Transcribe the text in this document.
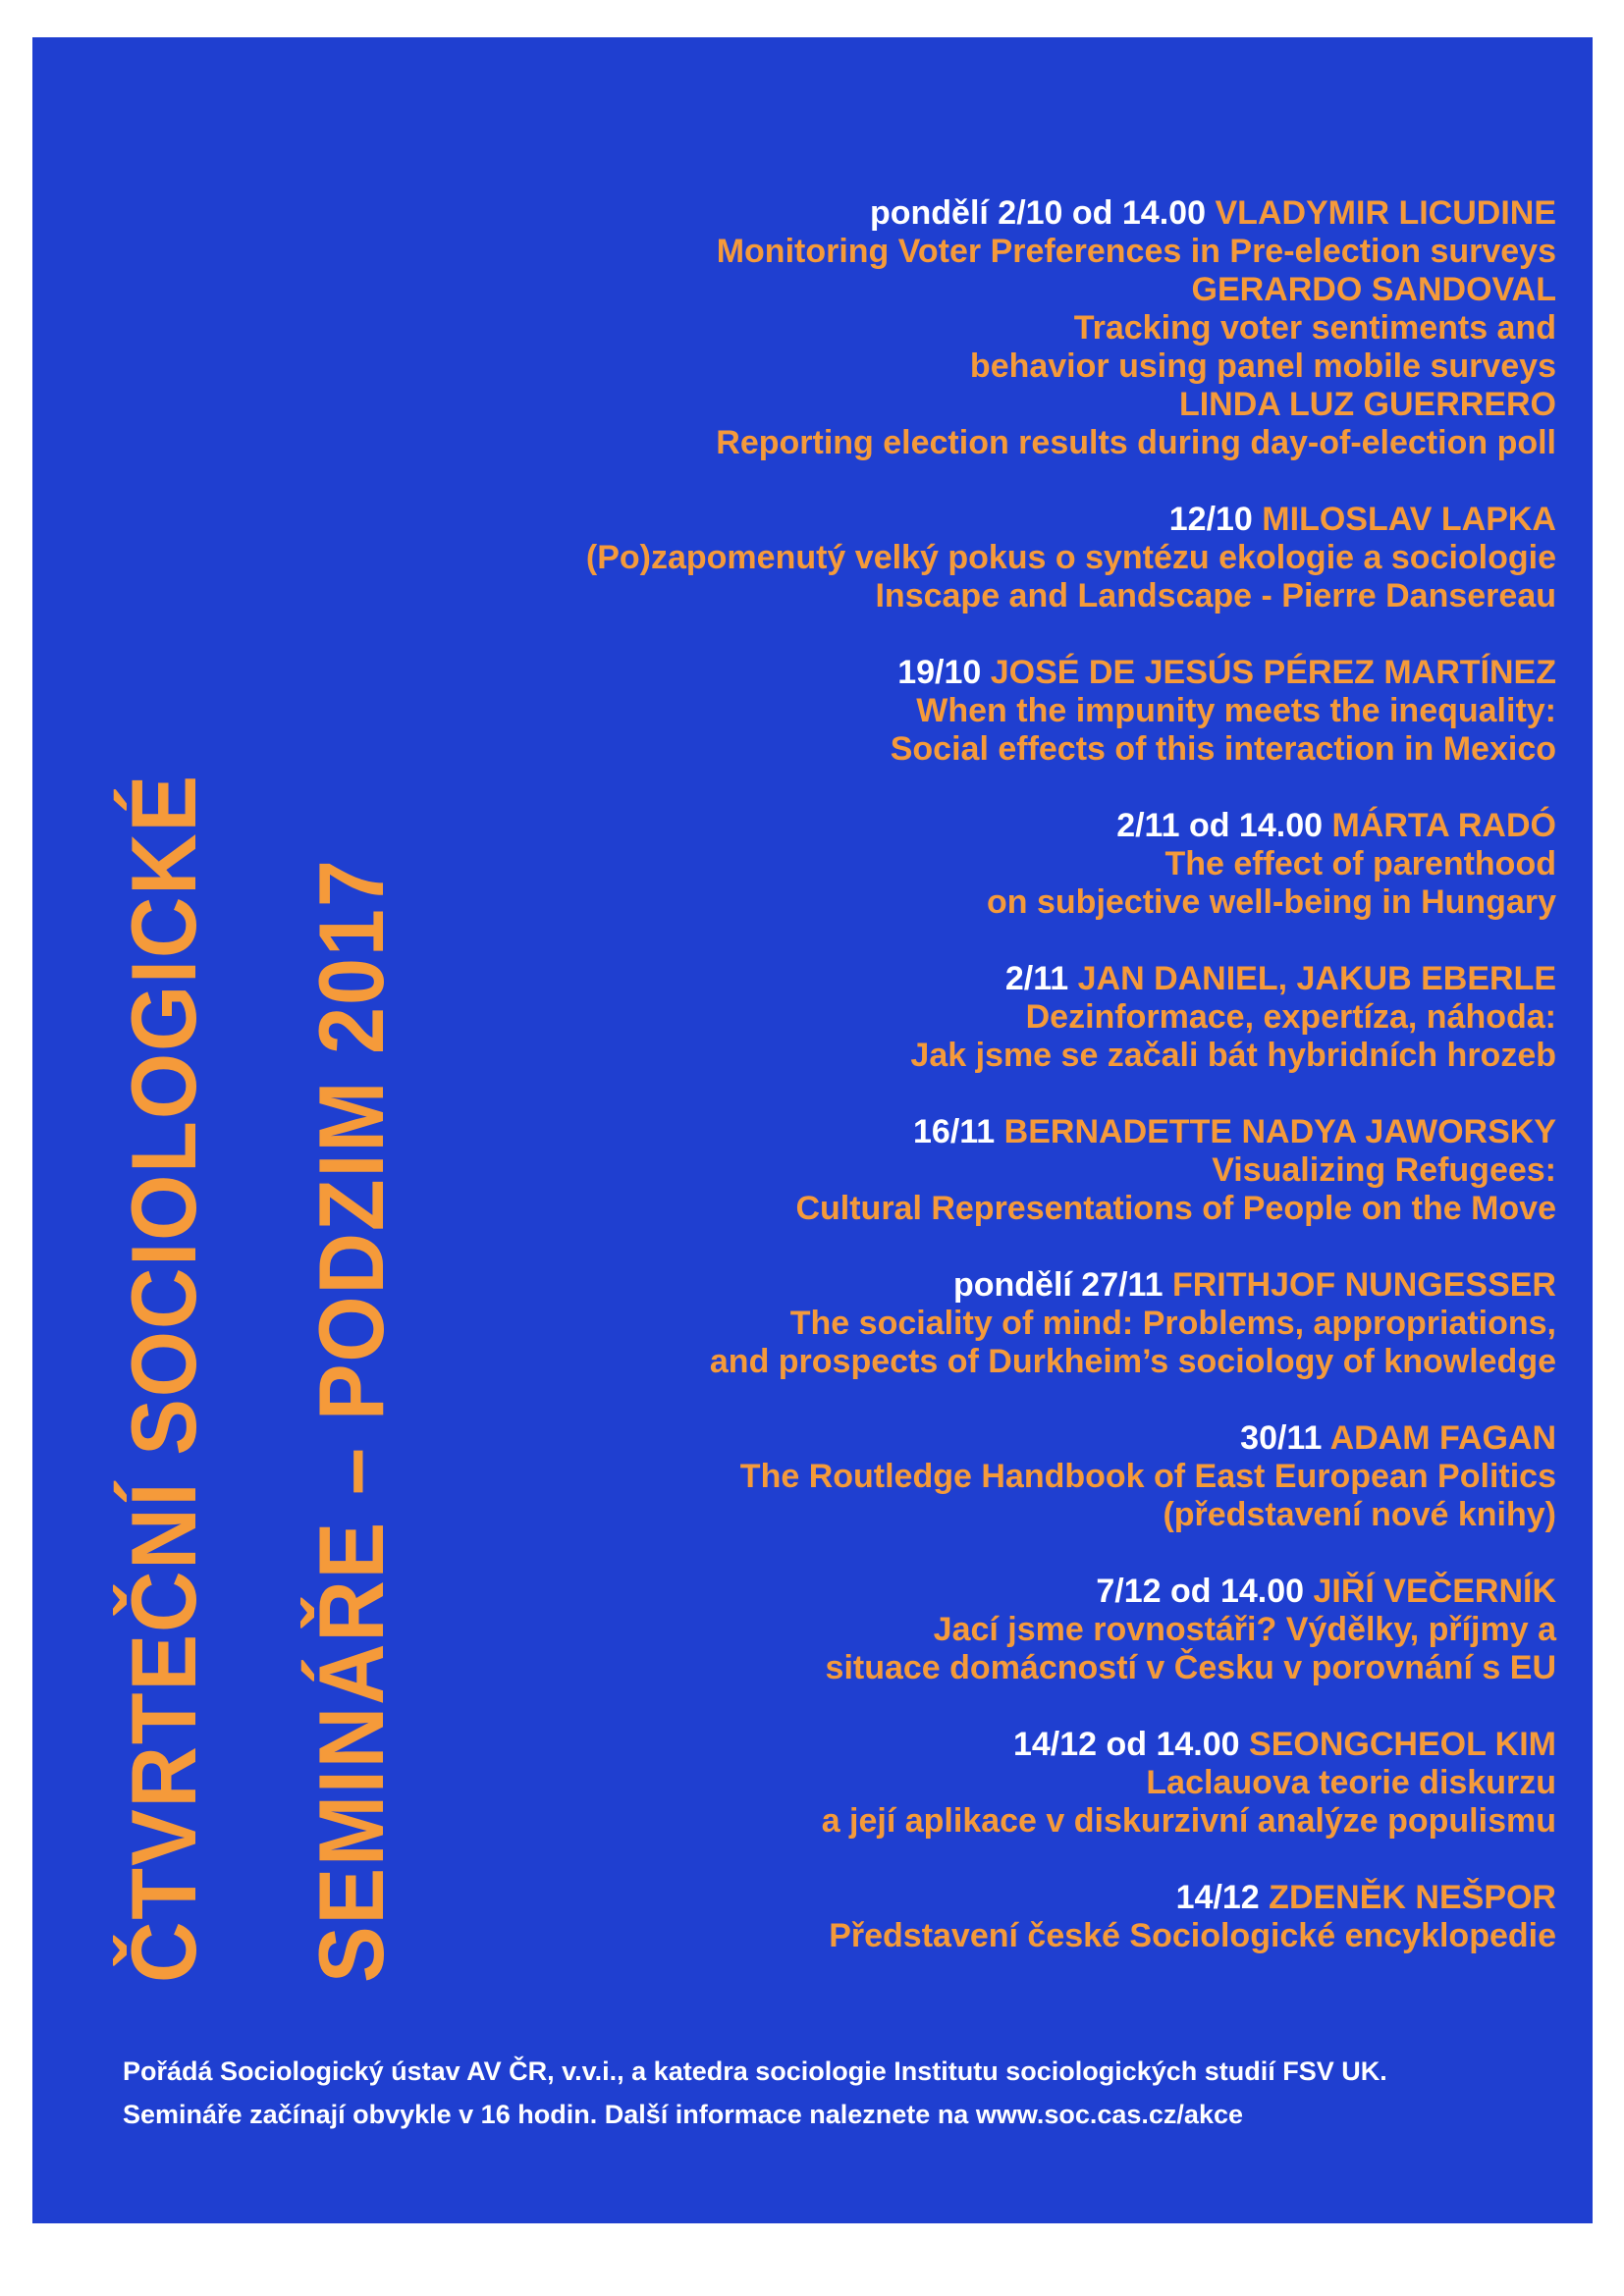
ČTVRTEČNÍ SOCIOLOGICKÉ SEMINÁŘE – PODZIM 2017
pondělí 2/10 od 14.00 VLADYMIR LICUDINE
Monitoring Voter Preferences in Pre-election surveys
GERARDO SANDOVAL
Tracking voter sentiments and
behavior using panel mobile surveys
LINDA LUZ GUERRERO
Reporting election results during day-of-election poll
12/10 MILOSLAV LAPKA
(Po)zapomenutý velký pokus o syntézu ekologie a sociologie
Inscape and Landscape - Pierre Dansereau
19/10 JOSÉ DE JESÚS PÉREZ MARTÍNEZ
When the impunity meets the inequality:
Social effects of this interaction in Mexico
2/11 od 14.00 MÁRTA RADÓ
The effect of parenthood
on subjective well-being in Hungary
2/11 JAN DANIEL, JAKUB EBERLE
Dezinformace, expertíza, náhoda:
Jak jsme se začali bát hybridních hrozeb
16/11 BERNADETTE NADYA JAWORSKY
Visualizing Refugees:
Cultural Representations of People on the Move
pondělí 27/11 FRITHJOF NUNGESSER
The sociality of mind: Problems, appropriations,
and prospects of Durkheim’s sociology of knowledge
30/11 ADAM FAGAN
The Routledge Handbook of East European Politics
(představení nové knihy)
7/12 od 14.00 JIŘÍ VEČERNÍK
Jací jsme rovnostáři? Výdělky, příjmy a
situace domácností v Česku v porovnání s EU
14/12 od 14.00 SEONGCHEOL KIM
Laclauova teorie diskurzu
a její aplikace v diskurzivní analýze populismu
14/12 ZDENĚK NEŠPOR
Představení české Sociologické encyklopedie
Pořádá Sociologický ústav AV ČR, v.v.i., a katedra sociologie Institutu sociologických studií FSV UK.
Semináře začínají obvykle v 16 hodin. Další informace naleznete na www.soc.cas.cz/akce
